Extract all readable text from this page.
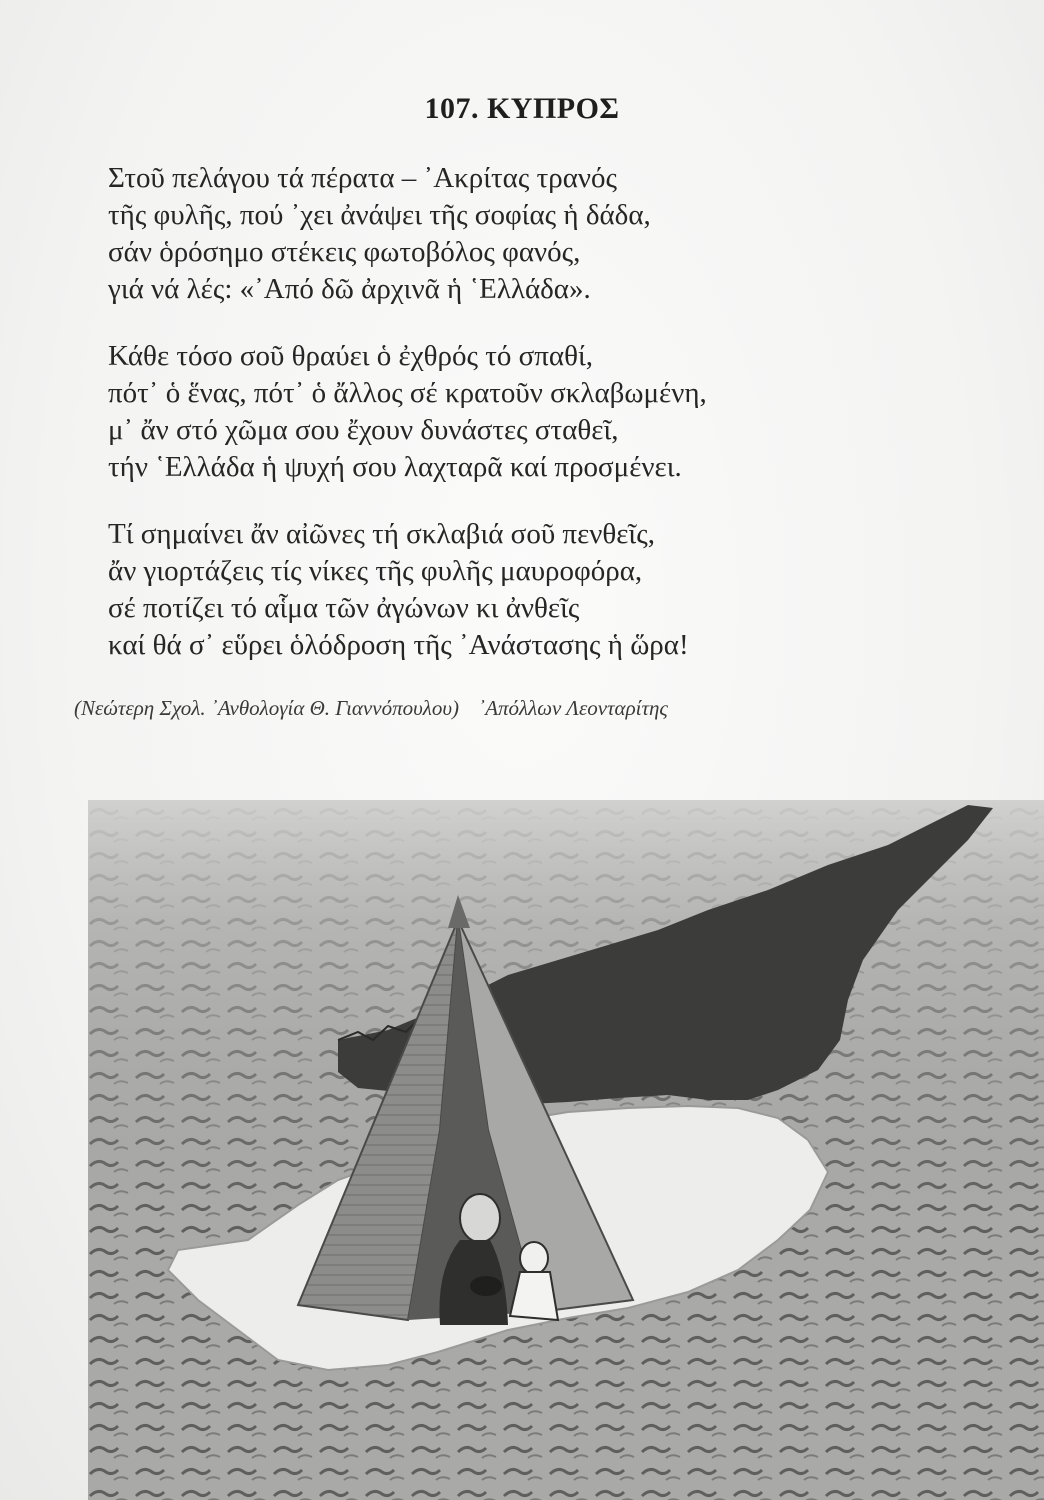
107. ΚΥΠΡΟΣ
Στοῦ πελάγου τά πέρατα – ᾿Ακρίτας τρανός
τῆς φυλῆς, πού ᾿χει ἀνάψει τῆς σοφίας ἡ δάδα,
σάν ὁρόσημο στέκεις φωτοβόλος φανός,
γιά νά λές: «᾿Από δῶ ἀρχινᾶ ἡ ῾Ελλάδα».
Κάθε τόσο σοῦ θραύει ὁ ἐχθρός τό σπαθί,
πότ᾿ ὁ ἕνας, πότ᾿ ὁ ἄλλος σέ κρατοῦν σκλαβωμένη,
μ᾿ ἄν στό χῶμα σου ἔχουν δυνάστες σταθεῖ,
τήν ῾Ελλάδα ἡ ψυχή σου λαχταρᾶ καί προσμένει.
Τί σημαίνει ἄν αἰῶνες τή σκλαβιά σοῦ πενθεῖς,
ἄν γιορτάζεις τίς νίκες τῆς φυλῆς μαυροφόρα,
σέ ποτίζει τό αἷμα τῶν ἀγώνων κι ἀνθεῖς
καί θά σ᾿ εὕρει ὁλόδροση τῆς ᾿Ανάστασης ἡ ὥρα!
(Νεώτερη Σχολ. ᾿Ανθολογία Θ. Γιαννόπουλου) ᾿Απόλλων Λεονταρίτης
